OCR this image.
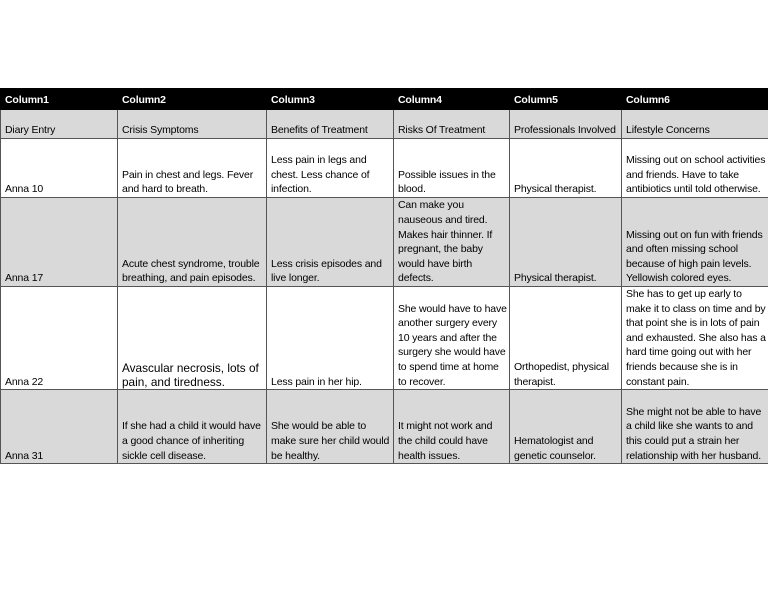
Column1	Column2	Column3	Column4	Column5	Column6
Diary Entry	Crisis Symptoms	Benefits of Treatment	Risks Of Treatment	Professionals Involved	Lifestyle Concerns
Anna 10	Pain in chest and legs. Fever and hard to breath.	Less pain in legs and chest. Less chance of infection.	Possible issues in the blood.	Physical therapist.	Missing out on school activities and friends. Have to take antibiotics until told otherwise.
Anna 17	Acute chest syndrome, trouble breathing, and pain episodes.	Less crisis episodes and live longer.	Can make you nauseous and tired. Makes hair thinner. If pregnant, the baby would have birth defects.	Physical therapist.	Missing out on fun with friends and often missing school because of high pain levels. Yellowish colored eyes.
Anna 22	Avascular necrosis, lots of pain, and tiredness.	Less pain in her hip.	She would have to have another surgery every 10 years and after the surgery she would have to spend time at home to recover.	Orthopedist, physical therapist.	She has to get up early to make it to class on time and by that point she is in lots of pain and exhausted. She also has a hard time going out with her friends because she is in constant pain.
Anna 31	If she had a child it would have a good chance of inheriting sickle cell disease.	She would be able to make sure her child would be healthy.	It might not work and the child could have health issues.	Hematologist and genetic counselor.	She might not be able to have a child like she wants to and this could put a strain her relationship with her husband.
